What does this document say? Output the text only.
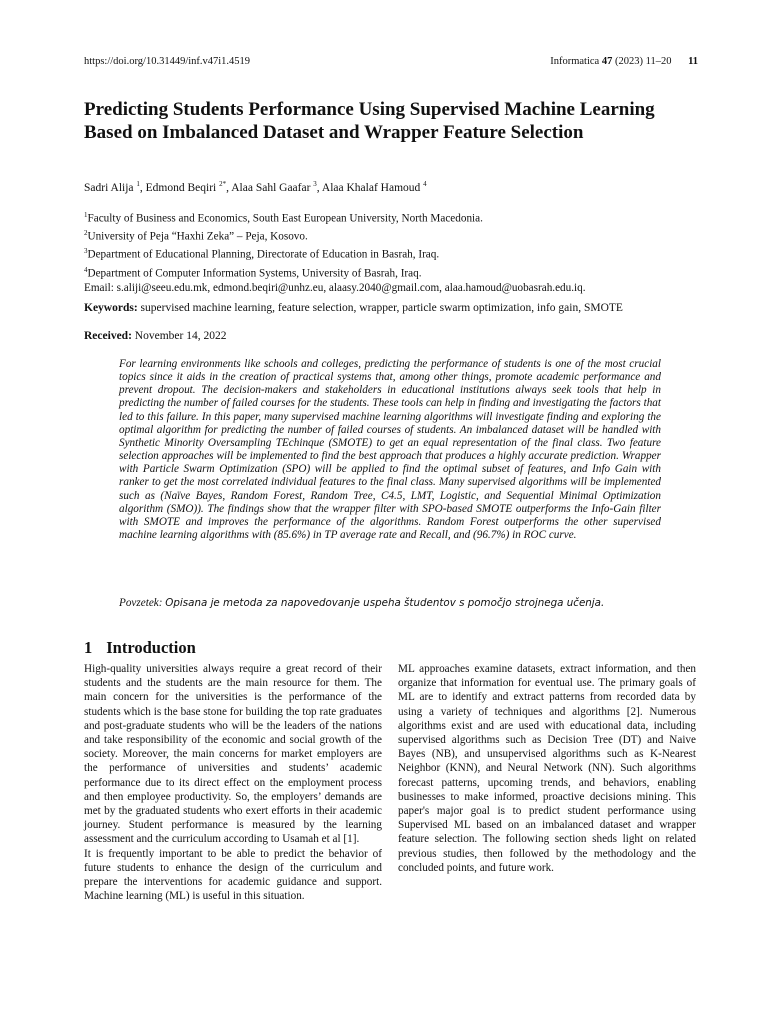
https://doi.org/10.31449/inf.v47i1.4519	Informatica 47 (2023) 11–20 11
Predicting Students Performance Using Supervised Machine Learning Based on Imbalanced Dataset and Wrapper Feature Selection
Sadri Alija $^1$, Edmond Beqiri $^{2*}$, Alaa Sahl Gaafar $^3$, Alaa Khalaf Hamoud $^4$
$^1$Faculty of Business and Economics, South East European University, North Macedonia.
$^2$University of Peja “Haxhi Zeka” – Peja, Kosovo.
$^3$Department of Educational Planning, Directorate of Education in Basrah, Iraq.
$^4$Department of Computer Information Systems, University of Basrah, Iraq.
Email: s.aliji@seeu.edu.mk, edmond.beqiri@unhz.eu, alaasy.2040@gmail.com, alaa.hamoud@uobasrah.edu.iq.
Keywords: supervised machine learning, feature selection, wrapper, particle swarm optimization, info gain, SMOTE
Received: November 14, 2022
For learning environments like schools and colleges, predicting the performance of students is one of the most crucial topics since it aids in the creation of practical systems that, among other things, promote academic performance and prevent dropout. The decision-makers and stakeholders in educational institutions always seek tools that help in predicting the number of failed courses for the students. These tools can help in finding and investigating the factors that led to this failure. In this paper, many supervised machine learning algorithms will investigate finding and exploring the optimal algorithm for predicting the number of failed courses of students. An imbalanced dataset will be handled with Synthetic Minority Oversampling TEchinque (SMOTE) to get an equal representation of the final class. Two feature selection approaches will be implemented to find the best approach that produces a highly accurate prediction. Wrapper with Particle Swarm Optimization (SPO) will be applied to find the optimal subset of features, and Info Gain with ranker to get the most correlated individual features to the final class. Many supervised algorithms will be implemented such as (Naïve Bayes, Random Forest, Random Tree, C4.5, LMT, Logistic, and Sequential Minimal Optimization algorithm (SMO)). The findings show that the wrapper filter with SPO-based SMOTE outperforms the Info-Gain filter with SMOTE and improves the performance of the algorithms. Random Forest outperforms the other supervised machine learning algorithms with (85.6%) in TP average rate and Recall, and (96.7%) in ROC curve.
Povzetek: Opisana je metoda za napovedovanje uspeha študentov s pomočjo strojnega učenja.
1 Introduction

High-quality universities always require a great record of their students and the students are the main resource for them. The main concern for the universities is the performance of the students which is the base stone for building the top rate graduates and post-graduate students who will be the leaders of the nations and take responsibility of the economic and social growth of the society. Moreover, the main concerns for market employers are the performance of universities and students’ academic performance due to its direct effect on the employment process and then employee productivity. So, the employers’ demands are met by the graduated students who exert efforts in their academic journey. Student performance is measured by the learning assessment and the curriculum according to Usamah et al [1].

It is frequently important to be able to predict the behavior of future students to enhance the design of the curriculum and prepare the interventions for academic guidance and support. Machine learning (ML) is useful in this situation.

ML approaches examine datasets, extract information, and then organize that information for eventual use. The primary goals of ML are to identify and extract patterns from recorded data by using a variety of techniques and algorithms [2]. Numerous algorithms exist and are used with educational data, including supervised algorithms such as Decision Tree (DT) and Naive Bayes (NB), and unsupervised algorithms such as K-Nearest Neighbor (KNN), and Neural Network (NN). Such algorithms forecast patterns, upcoming trends, and behaviors, enabling businesses to make informed, proactive decisions mining. This paper's major goal is to predict student performance using Supervised ML based on an imbalanced dataset and wrapper feature selection. The following section sheds light on related previous studies, then followed by the methodology and the concluded points, and future work.
